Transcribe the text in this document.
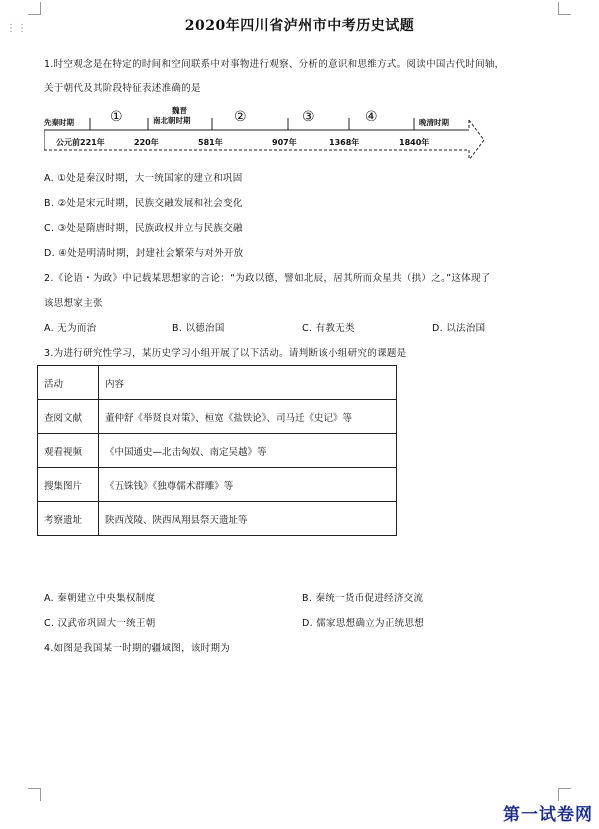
⋮⋮	2020年四川省泸州市中考历史试题
1.时空观念是在特定的时间和空间联系中对事物进行观察、分析的意识和思维方式。阅读中国古代时间轴，
关于朝代及其阶段特征表述准确的是
先秦时期	①	魏晋
南北朝时期	②	③	④	晚清时期
公元前221年	220年	581年	907年	1368年	1840年
A. ①处是秦汉时期，大一统国家的建立和巩固
B. ②处是宋元时期，民族交融发展和社会变化
C. ③处是隋唐时期，民族政权并立与民族交融
D. ④处是明清时期，封建社会繁荣与对外开放
2.《论语・为政》中记载某思想家的言论：“为政以德，譬如北辰，居其所而众星共（拱）之。”这体现了
该思想家主张
A. 无为而治	B. 以德治国	C. 有教无类	D. 以法治国
3.为进行研究性学习，某历史学习小组开展了以下活动。请判断该小组研究的课题是
活动	内容
查阅文献	董仲舒《举贤良对策》、桓宽《盐铁论》、司马迁《史记》等
观看视频	《中国通史—北击匈奴、南定吴越》等
搜集图片	《五铢钱》《独尊儒术群雕》等
考察遗址	陕西茂陵、陕西凤翔县祭天遗址等
A. 秦朝建立中央集权制度	B. 秦统一货币促进经济交流
C. 汉武帝巩固大一统王朝	D. 儒家思想确立为正统思想
4.如图是我国某一时期的疆域图，该时期为
第一试卷网
